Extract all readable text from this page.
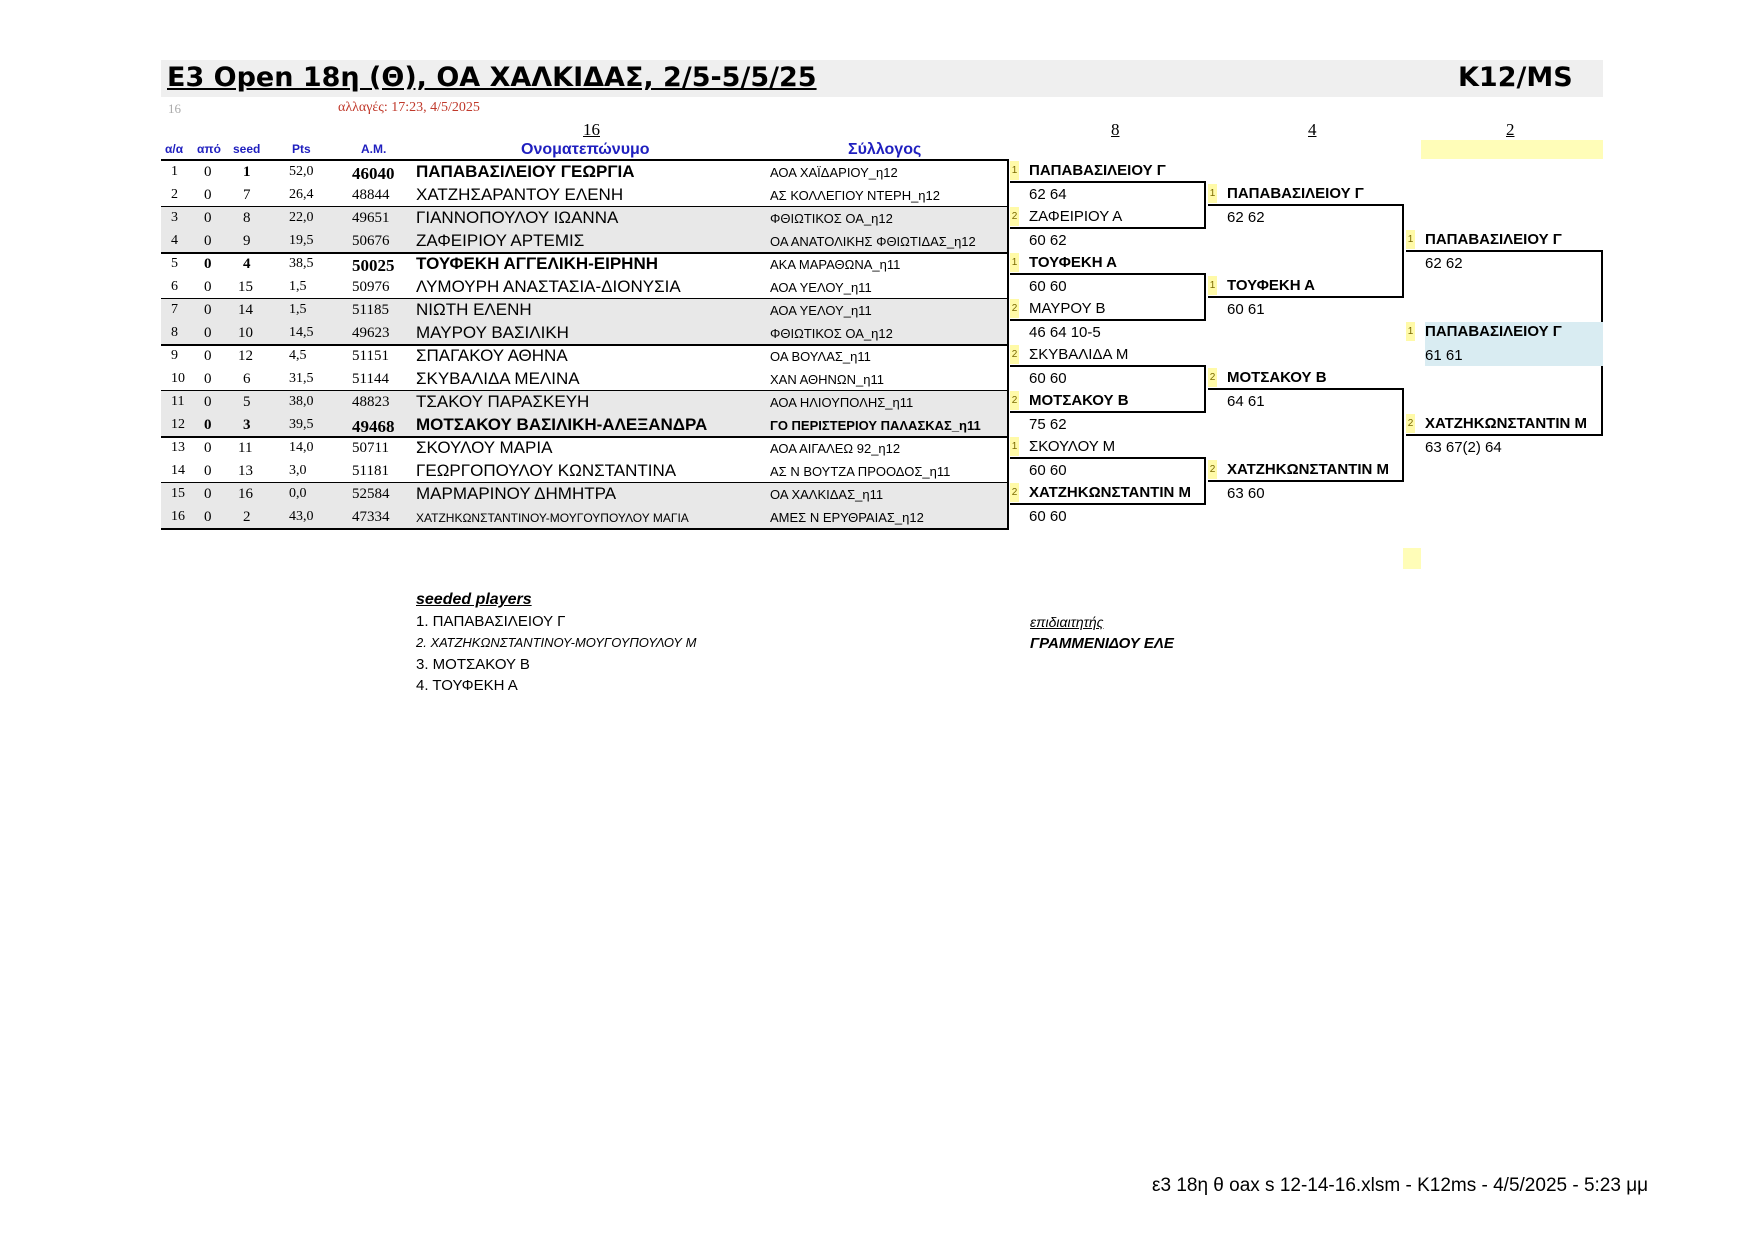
Ε3 Open 18η (Θ), ΟΑ ΧΑΛΚΙΔΑΣ, 2/5-5/5/25	K12/MS
16	αλλαγές: 17:23, 4/5/2025
16	8	4	2
α/α από seed	Pts	Α.Μ.	Ονοματεπώνυμο	Σύλλογος
1 0 1	52,0 46040 ΠΑΠΑΒΑΣΙΛΕΙΟΥ ΓΕΩΡΓΙΑ	ΑΟΑ ΧΑΪΔΑΡΙΟΥ_η12
2 0 7	26,4	48844 ΧΑΤΖΗΣΑΡΑΝΤΟΥ ΕΛΕΝΗ	ΑΣ ΚΟΛΛΕΓΙΟΥ ΝΤΕΡΗ_η12
3 0 8	22,0	49651 ΓΙΑΝΝΟΠΟΥΛΟΥ ΙΩΑΝΝΑ	ΦΘΙΩΤΙΚΟΣ ΟΑ_η12
4 0 9	19,5	50676 ΖΑΦΕΙΡΙΟΥ ΑΡΤΕΜΙΣ	ΟΑ ΑΝΑΤΟΛΙΚΗΣ ΦΘΙΩΤΙΔΑΣ_η12
5 0 4	38,5 50025 ΤΟΥΦΕΚΗ ΑΓΓΕΛΙΚΗ-ΕΙΡΗΝΗ	ΑΚΑ ΜΑΡΑΘΩΝΑ_η11
6 0 15	1,5	50976 ΛΥΜΟΥΡΗ ΑΝΑΣΤΑΣΙΑ-ΔΙΟΝΥΣΙΑ	ΑΟΑ ΥΕΛΟΥ_η11
7 0 14	1,5	51185 ΝΙΩΤΗ ΕΛΕΝΗ	ΑΟΑ ΥΕΛΟΥ_η11
8 0 10	14,5	49623 ΜΑΥΡΟΥ ΒΑΣΙΛΙΚΗ	ΦΘΙΩΤΙΚΟΣ ΟΑ_η12
9 0 12	4,5	51151 ΣΠΑΓΑΚΟΥ ΑΘΗΝΑ	ΟΑ ΒΟΥΛΑΣ_η11
10 0 6	31,5	51144 ΣΚΥΒΑΛΙΔΑ ΜΕΛΙΝΑ	ΧΑΝ ΑΘΗΝΩΝ_η11
11 0 5	38,0	48823 ΤΣΑΚΟΥ ΠΑΡΑΣΚΕΥΗ	ΑΟΑ ΗΛΙΟΥΠΟΛΗΣ_η11
12 0 3	39,5 49468 ΜΟΤΣΑΚΟΥ ΒΑΣΙΛΙΚΗ-ΑΛΕΞΑΝΔΡΑ	ΓΟ ΠΕΡΙΣΤΕΡΙΟΥ ΠΑΛΑΣΚΑΣ_η11
13 0 11	14,0	50711 ΣΚΟΥΛΟΥ ΜΑΡΙΑ	ΑΟΑ ΑΙΓΑΛΕΩ 92_η12
14 0 13	3,0	51181 ΓΕΩΡΓΟΠΟΥΛΟΥ ΚΩΝΣΤΑΝΤΙΝΑ	ΑΣ Ν ΒΟΥΤΖΑ ΠΡΟΟΔΟΣ_η11
15 0 16	0,0	52584 ΜΑΡΜΑΡΙΝΟΥ ΔΗΜΗΤΡΑ	ΟΑ ΧΑΛΚΙΔΑΣ_η11
16 0 2	43,0	47334 ΧΑΤΖΗΚΩΝΣΤΑΝΤΙΝΟΥ-ΜΟΥΓΟΥΠΟΥΛΟΥ ΜΑΓΙΑ	ΑΜΕΣ Ν ΕΡΥΘΡΑΙΑΣ_η12
1 ΠΑΠΑΒΑΣΙΛΕΙΟΥ Γ
62 64
2 ΖΑΦΕΙΡΙΟΥ Α
60 62
1 ΤΟΥΦΕΚΗ Α
60 60
2 ΜΑΥΡΟΥ Β
46 64 10-5
2 ΣΚΥΒΑΛΙΔΑ Μ
60 60
2 ΜΟΤΣΑΚΟΥ Β
75 62
1 ΣΚΟΥΛΟΥ Μ
60 60
2 ΧΑΤΖΗΚΩΝΣΤΑΝΤΙΝ Μ
60 60
1 ΠΑΠΑΒΑΣΙΛΕΙΟΥ Γ
62 62
1 ΤΟΥΦΕΚΗ Α
60 61
2 ΜΟΤΣΑΚΟΥ Β
64 61
2 ΧΑΤΖΗΚΩΝΣΤΑΝΤΙΝ Μ
63 60
1 ΠΑΠΑΒΑΣΙΛΕΙΟΥ Γ
62 62
2 ΧΑΤΖΗΚΩΝΣΤΑΝΤΙΝ Μ
63 67(2) 64
1 ΠΑΠΑΒΑΣΙΛΕΙΟΥ Γ
61 61
seeded players
1. ΠΑΠΑΒΑΣΙΛΕΙΟΥ Γ
2. ΧΑΤΖΗΚΩΝΣΤΑΝΤΙΝΟΥ-ΜΟΥΓΟΥΠΟΥΛΟΥ Μ
3. ΜΟΤΣΑΚΟΥ Β
4. ΤΟΥΦΕΚΗ Α
επιδιαιτητής
ΓΡΑΜΜΕΝΙΔΟΥ ΕΛΕ
ε3 18η θ oax s 12-14-16.xlsm - K12ms - 4/5/2025 - 5:23 μμ
